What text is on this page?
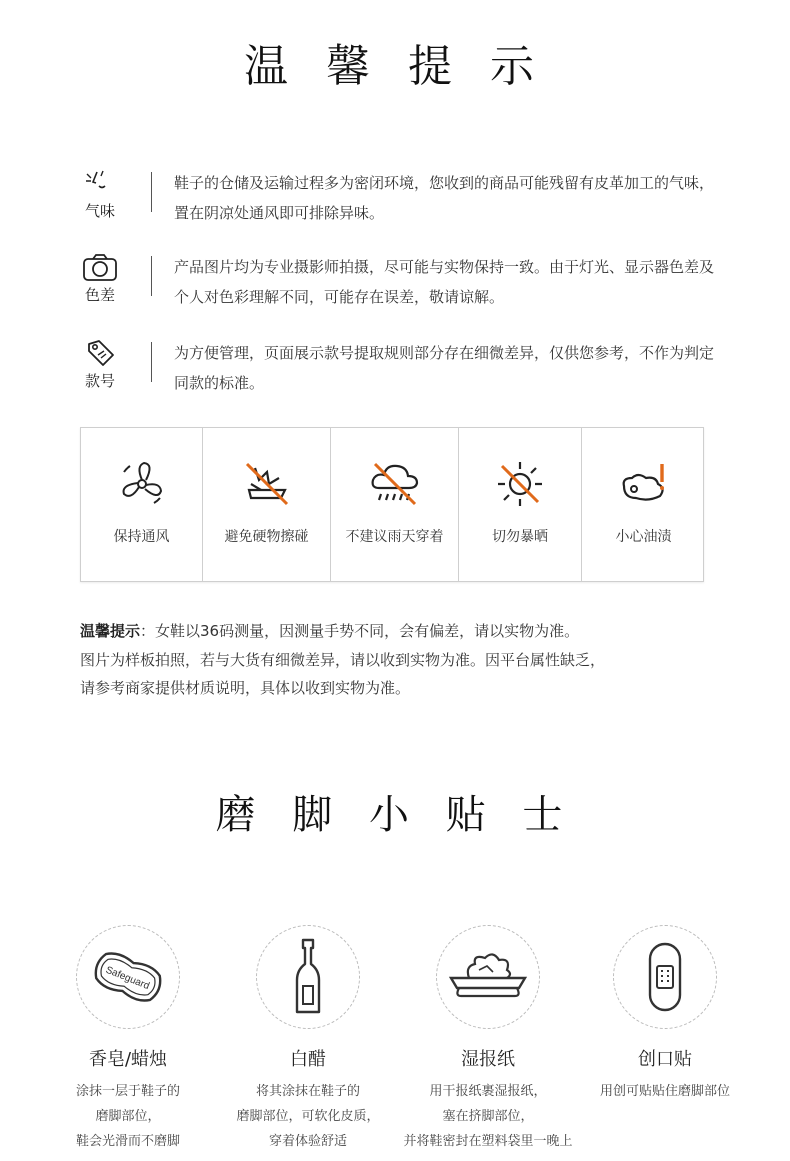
温 馨 提 示
气味
鞋子的仓储及运输过程多为密闭环境，您收到的商品可能残留有皮革加工的气味，置在阴凉处通风即可排除异味。
色差
产品图片均为专业摄影师拍摄，尽可能与实物保持一致。由于灯光、显示器色差及个人对色彩理解不同，可能存在误差，敬请谅解。
款号
为方便管理，页面展示款号提取规则部分存在细微差异，仅供您参考，不作为判定同款的标准。
保持通风	避免硬物擦碰	不建议雨天穿着	切勿暴晒	小心油渍
温馨提示：女鞋以36码测量，因测量手势不同，会有偏差，请以实物为准。
图片为样板拍照，若与大货有细微差异，请以收到实物为准。因平台属性缺乏，
请参考商家提供材质说明，具体以收到实物为准。
磨 脚 小 贴 士
Safeguard
香皂/蜡烛
涂抹一层于鞋子的
磨脚部位，
鞋会光滑而不磨脚
白醋
将其涂抹在鞋子的
磨脚部位，可软化皮质，
穿着体验舒适
湿报纸
用干报纸裹湿报纸，
塞在挤脚部位，
并将鞋密封在塑料袋里一晚上
创口贴
用创可贴贴住磨脚部位
